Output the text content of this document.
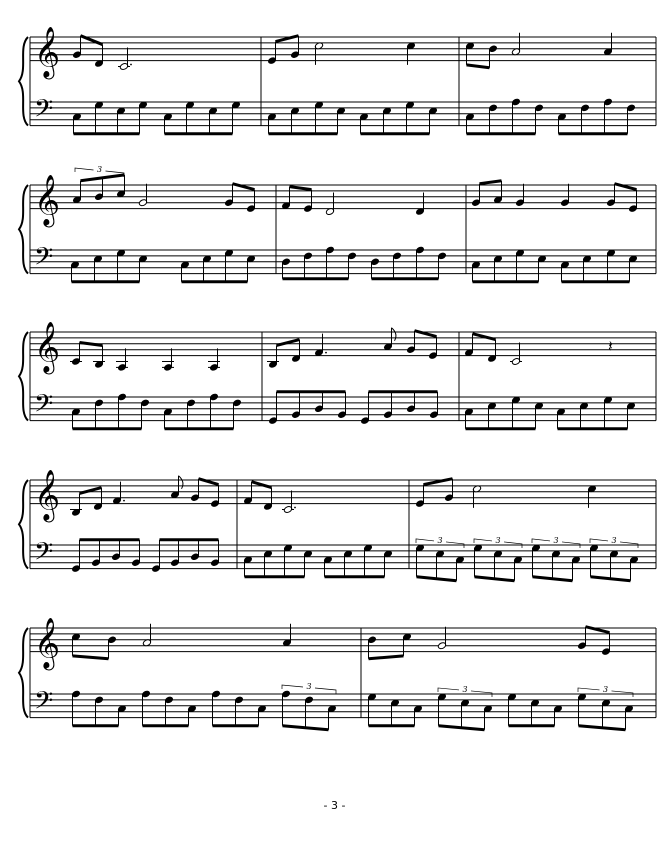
𝄞
𝄢
𝄞
𝄢
3
𝄞
𝄢
𝄽
𝄞
𝄢	3	3	3	3
𝄞
𝄢
3	3	3
- 3 -
